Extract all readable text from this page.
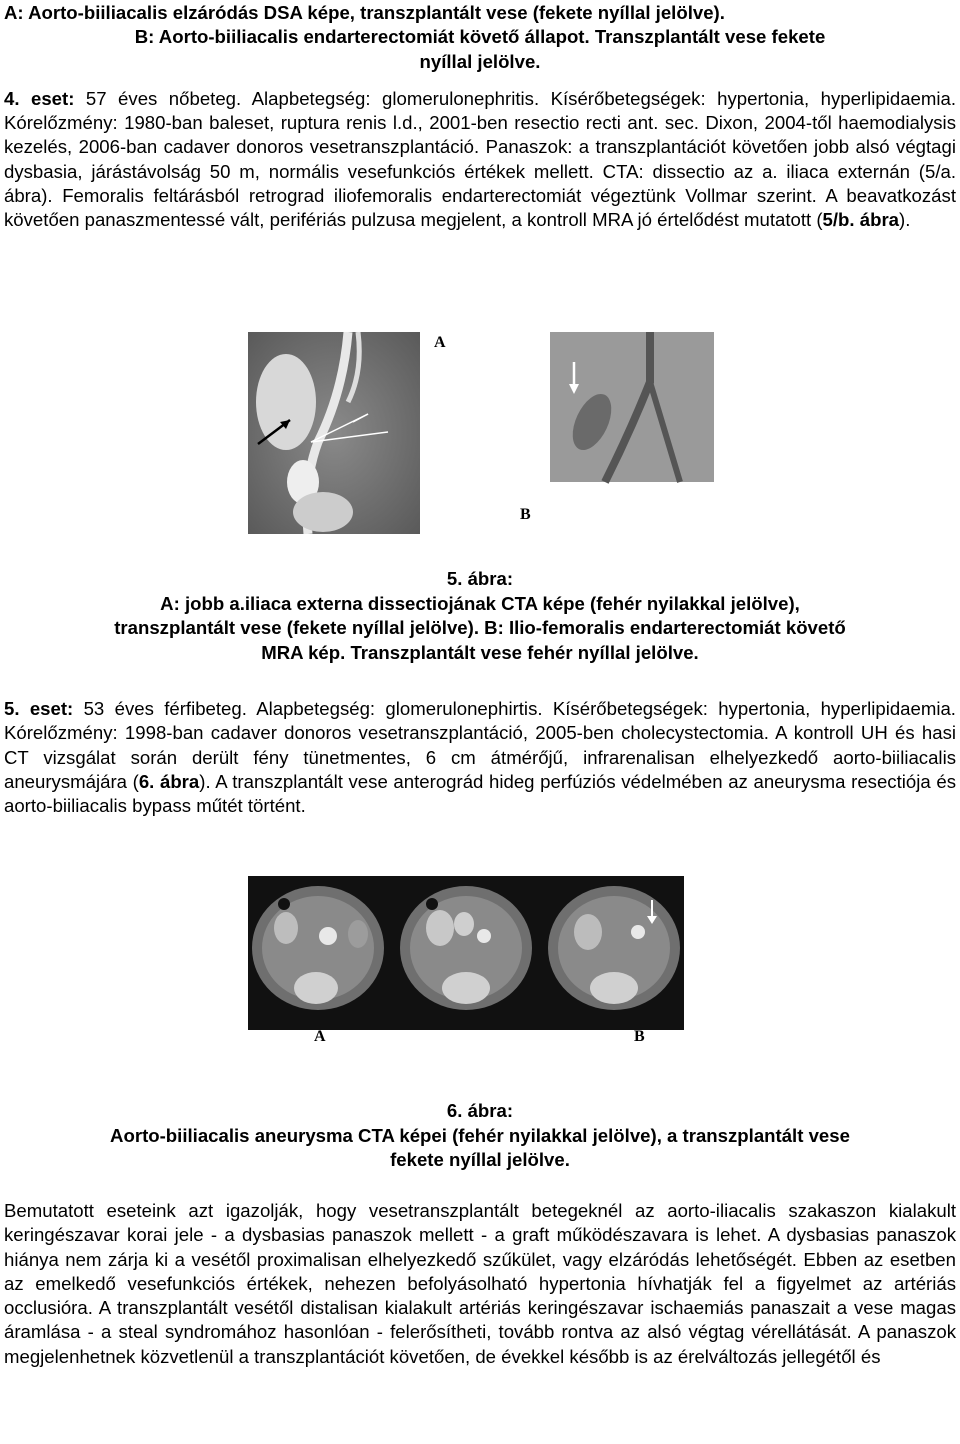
A: Aorto-biiliacalis elzáródás DSA képe, transzplantált vese (fekete nyíllal jelölve).
B: Aorto-biiliacalis endarterectomiát követő állapot. Transzplantált vese fekete
nyíllal jelölve.

4. eset: 57 éves nőbeteg. Alapbetegség: glomerulonephritis. Kísérőbetegségek: hypertonia, hyperlipidaemia. Kórelőzmény: 1980-ban baleset, ruptura renis l.d., 2001-ben resectio recti ant. sec. Dixon, 2004-től haemodialysis kezelés, 2006-ban cadaver donoros vesetranszplantáció. Panaszok: a transzplantációt követően jobb alsó végtagi dysbasia, járástávolság 50 m, normális vesefunkciós értékek mellett. CTA: dissectio az a. iliaca externán (5/a. ábra). Femoralis feltárásból retrograd iliofemoralis endarterectomiát végeztünk Vollmar szerint. A beavatkozást követően panaszmentessé vált, perifériás pulzusa megjelent, a kontroll MRA jó értelődést mutatott (5/b. ábra).

A
B
5. ábra:
A: jobb a.iliaca externa dissectiojának CTA képe (fehér nyilakkal jelölve),
transzplantált vese (fekete nyíllal jelölve). B: Ilio-femoralis endarterectomiát követő
MRA kép. Transzplantált vese fehér nyíllal jelölve.

5. eset: 53 éves férfibeteg. Alapbetegség: glomerulonephirtis. Kísérőbetegségek: hypertonia, hyperlipidaemia. Kórelőzmény: 1998-ban cadaver donoros vesetranszplantáció, 2005-ben cholecystectomia. A kontroll UH és hasi CT vizsgálat során derült fény tünetmentes, 6 cm átmérőjű, infrarenalisan elhelyezkedő aorto-biiliacalis aneurysmájára (6. ábra). A transzplantált vese anterográd hideg perfúziós védelmében az aneurysma resectiója és aorto-biiliacalis bypass műtét történt.

A	B
6. ábra:
Aorto-biiliacalis aneurysma CTA képei (fehér nyilakkal jelölve), a transzplantált vese
fekete nyíllal jelölve.

Bemutatott eseteink azt igazolják, hogy vesetranszplantált betegeknél az aorto-iliacalis szakaszon kialakult keringészavar korai jele - a dysbasias panaszok mellett - a graft működészavara is lehet. A dysbasias panaszok hiánya nem zárja ki a vesétől proximalisan elhelyezkedő szűkület, vagy elzáródás lehetőségét. Ebben az esetben az emelkedő vesefunkciós értékek, nehezen befolyásolható hypertonia hívhatják fel a figyelmet az artériás occlusióra. A transzplantált vesétől distalisan kialakult artériás keringészavar ischaemiás panaszait a vese magas áramlása - a steal syndromához hasonlóan - felerősítheti, tovább rontva az alsó végtag vérellátását. A panaszok megjelenhetnek közvetlenül a transzplantációt követően, de évekkel később is az érelváltozás jellegétől és
